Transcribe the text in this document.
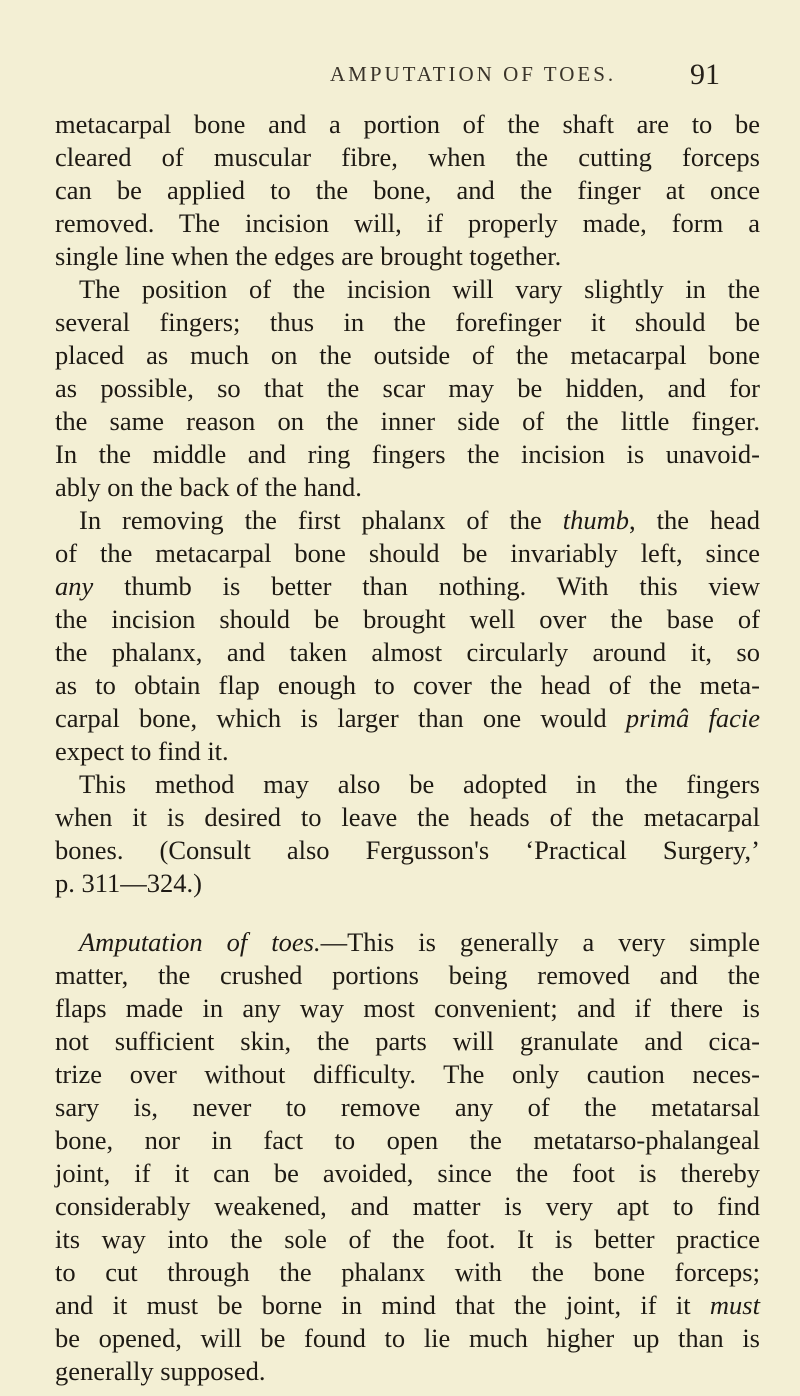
AMPUTATION OF TOES. 91
metacarpal bone and a portion of the shaft are to be
cleared of muscular fibre, when the cutting forceps
can be applied to the bone, and the finger at once
removed. The incision will, if properly made, form a
single line when the edges are brought together.
The position of the incision will vary slightly in the
several fingers; thus in the forefinger it should be
placed as much on the outside of the metacarpal bone
as possible, so that the scar may be hidden, and for
the same reason on the inner side of the little finger.
In the middle and ring fingers the incision is unavoid-
ably on the back of the hand.
In removing the first phalanx of the thumb, the head
of the metacarpal bone should be invariably left, since
any thumb is better than nothing. With this view
the incision should be brought well over the base of
the phalanx, and taken almost circularly around it, so
as to obtain flap enough to cover the head of the meta-
carpal bone, which is larger than one would primâ facie
expect to find it.
This method may also be adopted in the fingers
when it is desired to leave the heads of the metacarpal
bones. (Consult also Fergusson's ‘Practical Surgery,’
p. 311—324.)
Amputation of toes.—This is generally a very simple
matter, the crushed portions being removed and the
flaps made in any way most convenient; and if there is
not sufficient skin, the parts will granulate and cica-
trize over without difficulty. The only caution neces-
sary is, never to remove any of the metatarsal
bone, nor in fact to open the metatarso-phalangeal
joint, if it can be avoided, since the foot is thereby
considerably weakened, and matter is very apt to find
its way into the sole of the foot. It is better practice
to cut through the phalanx with the bone forceps;
and it must be borne in mind that the joint, if it must
be opened, will be found to lie much higher up than is
generally supposed.
